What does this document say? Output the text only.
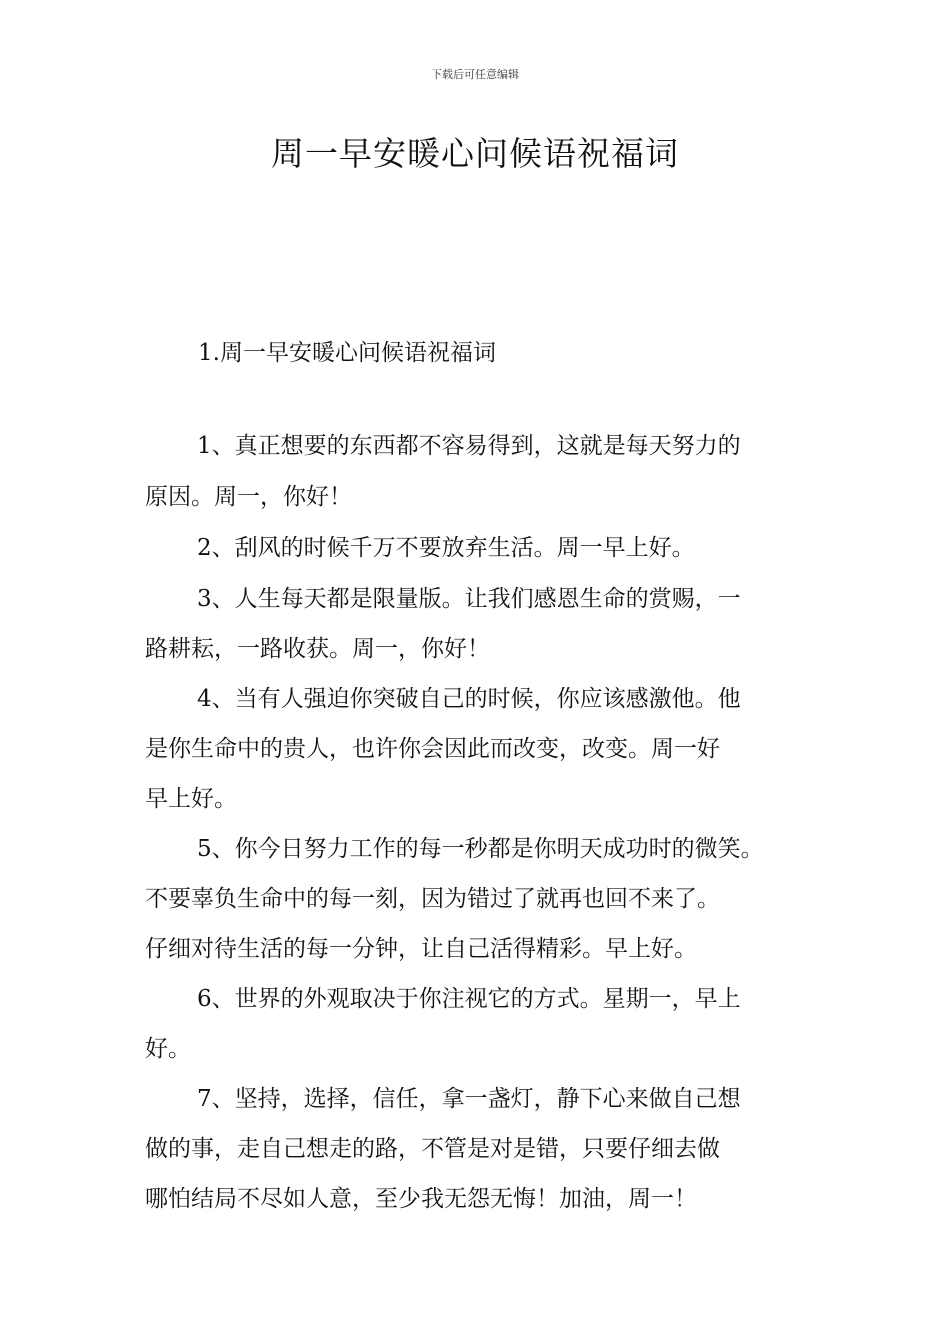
下载后可任意编辑
周一早安暖心问候语祝福词
1.周一早安暖心问候语祝福词
1、真正想要的东西都不容易得到，这就是每天努力的
原因。周一，你好！
2、刮风的时候千万不要放弃生活。周一早上好。
3、人生每天都是限量版。让我们感恩生命的赏赐，一
路耕耘，一路收获。周一，你好！
4、当有人强迫你突破自己的时候，你应该感激他。他
是你生命中的贵人，也许你会因此而改变，改变。周一好
早上好。
5、你今日努力工作的每一秒都是你明天成功时的微笑。
不要辜负生命中的每一刻，因为错过了就再也回不来了。
仔细对待生活的每一分钟，让自己活得精彩。早上好。
6、世界的外观取决于你注视它的方式。星期一，早上
好。
7、坚持，选择，信任，拿一盏灯，静下心来做自己想
做的事，走自己想走的路，不管是对是错，只要仔细去做
哪怕结局不尽如人意，至少我无怨无悔！加油，周一！
